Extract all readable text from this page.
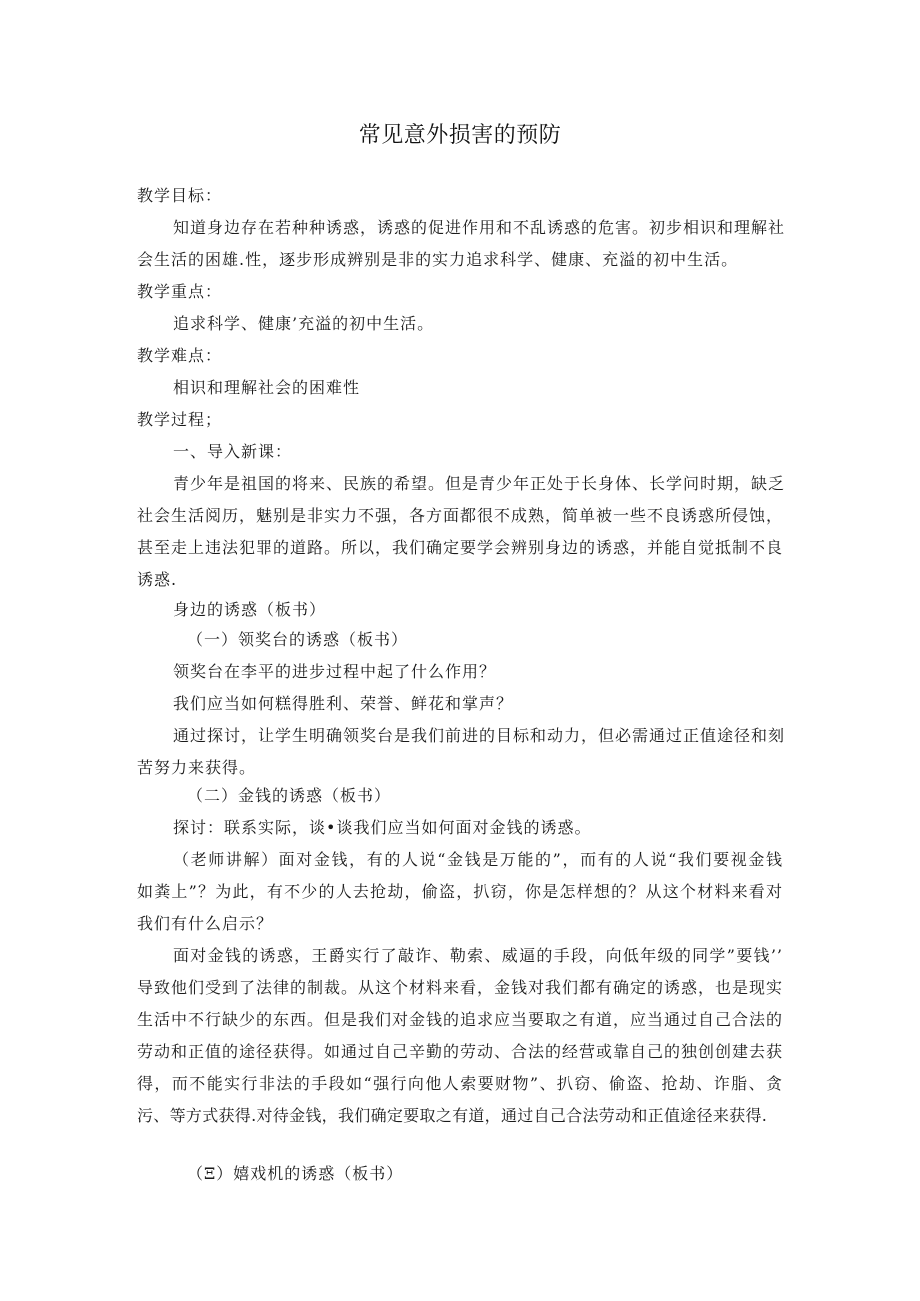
常见意外损害的预防
教学目标：
知道身边存在若种种诱惑，诱惑的促进作用和不乱诱惑的危害。初步相识和理解社
会生活的困雄.性，逐步形成辨别是非的实力追求科学、健康、充溢的初中生活。
教学重点：
追求科学、健康’充溢的初中生活。
教学难点：
相识和理解社会的困难性
教学过程；
一、导入新课：
青少年是祖国的将来、民族的希望。但是青少年正处于长身体、长学问时期，缺乏
社会生活阅历，魅别是非实力不强，各方面都很不成熟，简单被一些不良诱惑所侵蚀，
甚至走上违法犯罪的道路。所以，我们确定要学会辨别身边的诱惑，并能自觉抵制不良
诱惑.
身边的诱惑（板书）
（一）领奖台的诱惑（板书）
领奖台在李平的进步过程中起了什么作用？
我们应当如何糕得胜利、荣誉、鲜花和掌声？
通过探讨，让学生明确领奖台是我们前进的目标和动力，但必需通过正值途径和刻
苦努力来获得。
（二）金钱的诱惑（板书）
探讨：联系实际，谈•谈我们应当如何面对金钱的诱惑。
（老师讲解）面对金钱，有的人说“金钱是万能的”，而有的人说“我们要视金钱
如粪上”？为此，有不少的人去抢劫，偷盗，扒窃，你是怎样想的？从这个材料来看对
我们有什么启示？
面对金钱的诱惑，王爵实行了敲诈、勒索、威逼的手段，向低年级的同学”要钱’’
导致他们受到了法律的制裁。从这个材料来看，金钱对我们都有确定的诱惑，也是现实
生活中不行缺少的东西。但是我们对金钱的追求应当要取之有道，应当通过自己合法的
劳动和正值的途径获得。如通过自己辛勤的劳动、合法的经营或靠自己的独创创建去获
得，而不能实行非法的手段如“强行向他人索要财物”、扒窃、偷盗、抢劫、诈脂、贪
污、等方式获得.对待金钱，我们确定要取之有道，通过自己合法劳动和正值途径来获得.
（Ξ）嬉戏机的诱惑（板书）
